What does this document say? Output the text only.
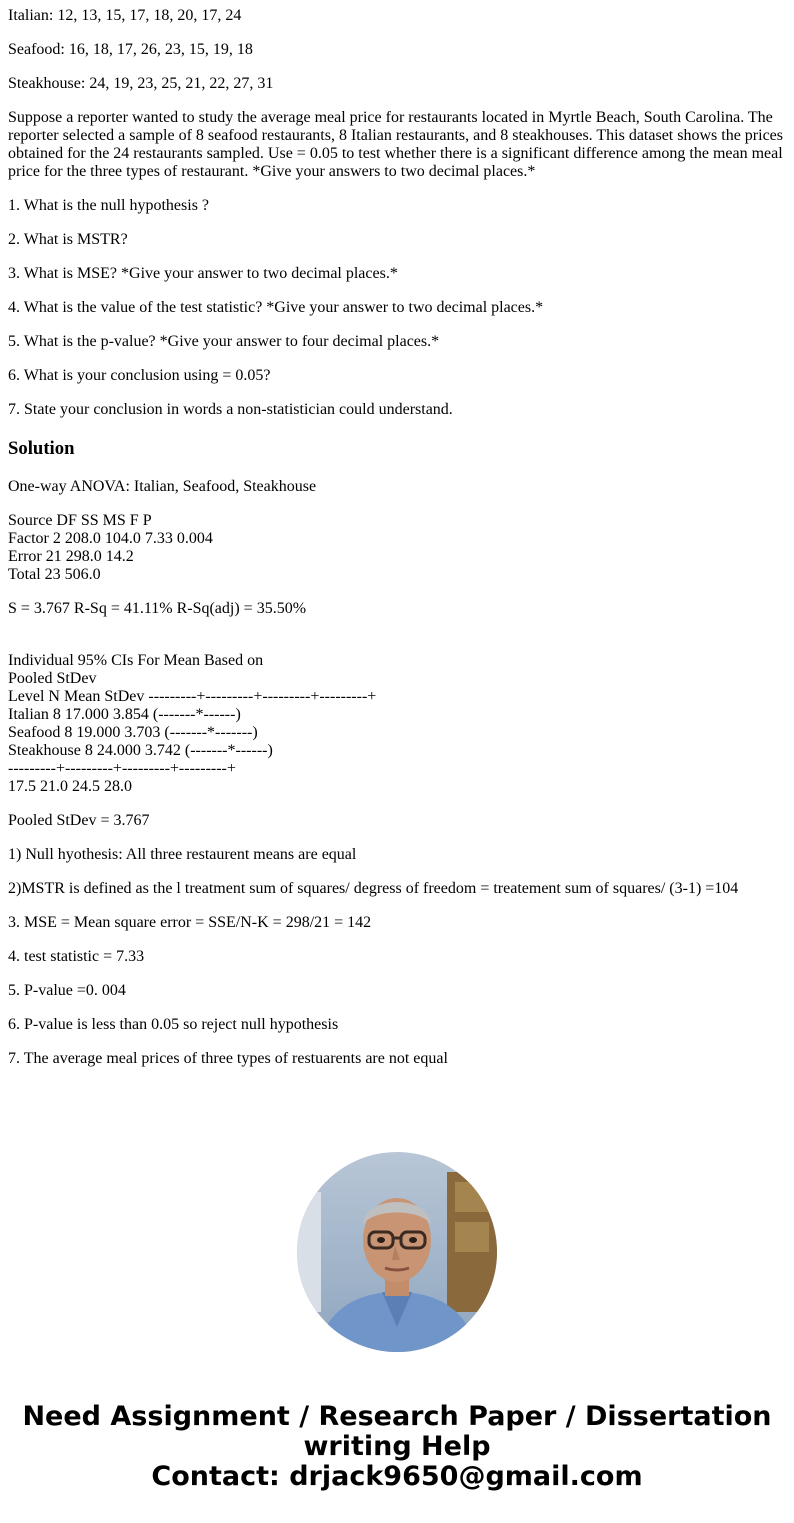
Italian: 12, 13, 15, 17, 18, 20, 17, 24

Seafood: 16, 18, 17, 26, 23, 15, 19, 18

Steakhouse: 24, 19, 23, 25, 21, 22, 27, 31

Suppose a reporter wanted to study the average meal price for restaurants located in Myrtle Beach, South Carolina. The reporter selected a sample of 8 seafood restaurants, 8 Italian restaurants, and 8 steakhouses. This dataset shows the prices obtained for the 24 restaurants sampled. Use = 0.05 to test whether there is a significant difference among the mean meal price for the three types of restaurant. *Give your answers to two decimal places.*

1. What is the null hypothesis ?

2. What is MSTR?

3. What is MSE? *Give your answer to two decimal places.*

4. What is the value of the test statistic? *Give your answer to two decimal places.*

5. What is the p-value? *Give your answer to four decimal places.*

6. What is your conclusion using = 0.05?

7. State your conclusion in words a non-statistician could understand.

Solution

One-way ANOVA: Italian, Seafood, Steakhouse

Source DF SS MS F P
Factor 2 208.0 104.0 7.33 0.004
Error 21 298.0 14.2
Total 23 506.0

S = 3.767 R-Sq = 41.11% R-Sq(adj) = 35.50%

Individual 95% CIs For Mean Based on
Pooled StDev
Level N Mean StDev ---------+---------+---------+---------+
Italian 8 17.000 3.854 (-------*------)
Seafood 8 19.000 3.703 (-------*-------)
Steakhouse 8 24.000 3.742 (-------*------)
---------+---------+---------+---------+
17.5 21.0 24.5 28.0

Pooled StDev = 3.767

1) Null hyothesis: All three restaurent means are equal

2)MSTR is defined as the l treatment sum of squares/ degress of freedom = treatement sum of squares/ (3-1) =104

3. MSE = Mean square error = SSE/N-K = 298/21 = 142

4. test statistic = 7.33

5. P-value =0. 004

6. P-value is less than 0.05 so reject null hypothesis

7. The average meal prices of three types of restuarents are not equal

Need Assignment / Research Paper / Dissertation
writing Help
Contact: drjack9650@gmail.com
